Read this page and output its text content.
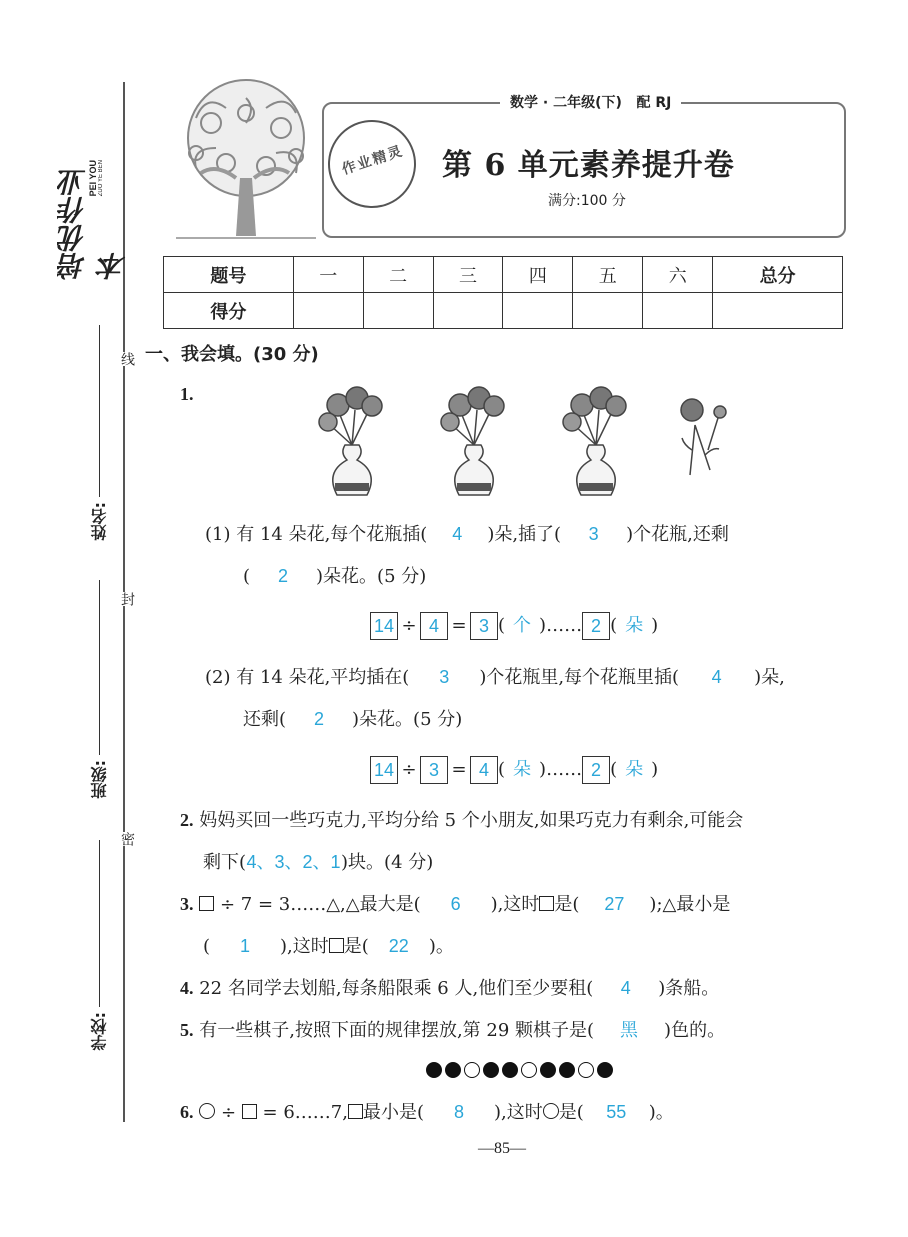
培优作业本
PEI YOU ZUO YE BEN
线
封
密
姓名:
班级:
学校:
数学 · 二年级(下)   配 RJ
作业精灵 第 6 单元素养提升卷
满分:100 分
题号	一	二	三	四	五	六	总分
得分							
一、我会填。(30 分)
1.
(1) 有 14 朵花,每个花瓶插( 4 )朵,插了( 3 )个花瓶,还剩
( 2 )朵花。(5 分)
14 ÷ 4 = 3 ( 个 )…… 2 ( 朵 )
(2) 有 14 朵花,平均插在( 3 )个花瓶里,每个花瓶里插( 4 )朵,
还剩( 2 )朵花。(5 分)
14 ÷ 3 = 4 ( 朵 )…… 2 ( 朵 )
2. 妈妈买回一些巧克力,平均分给 5 个小朋友,如果巧克力有剩余,可能会
剩下(4、3、2、1)块。(4 分)
3. ÷ 7 = 3……△,△最大是( 6 ),这时 是( 27 );△最小是
( 1 ),这时 是( 22 )。
4. 22 名同学去划船,每条船限乘 6 人,他们至少要租( 4 )条船。
5. 有一些棋子,按照下面的规律摆放,第 29 颗棋子是( 黑 )色的。
6. ÷ = 6……7, 最小是( 8 ),这时 是( 55 )。
—85—
